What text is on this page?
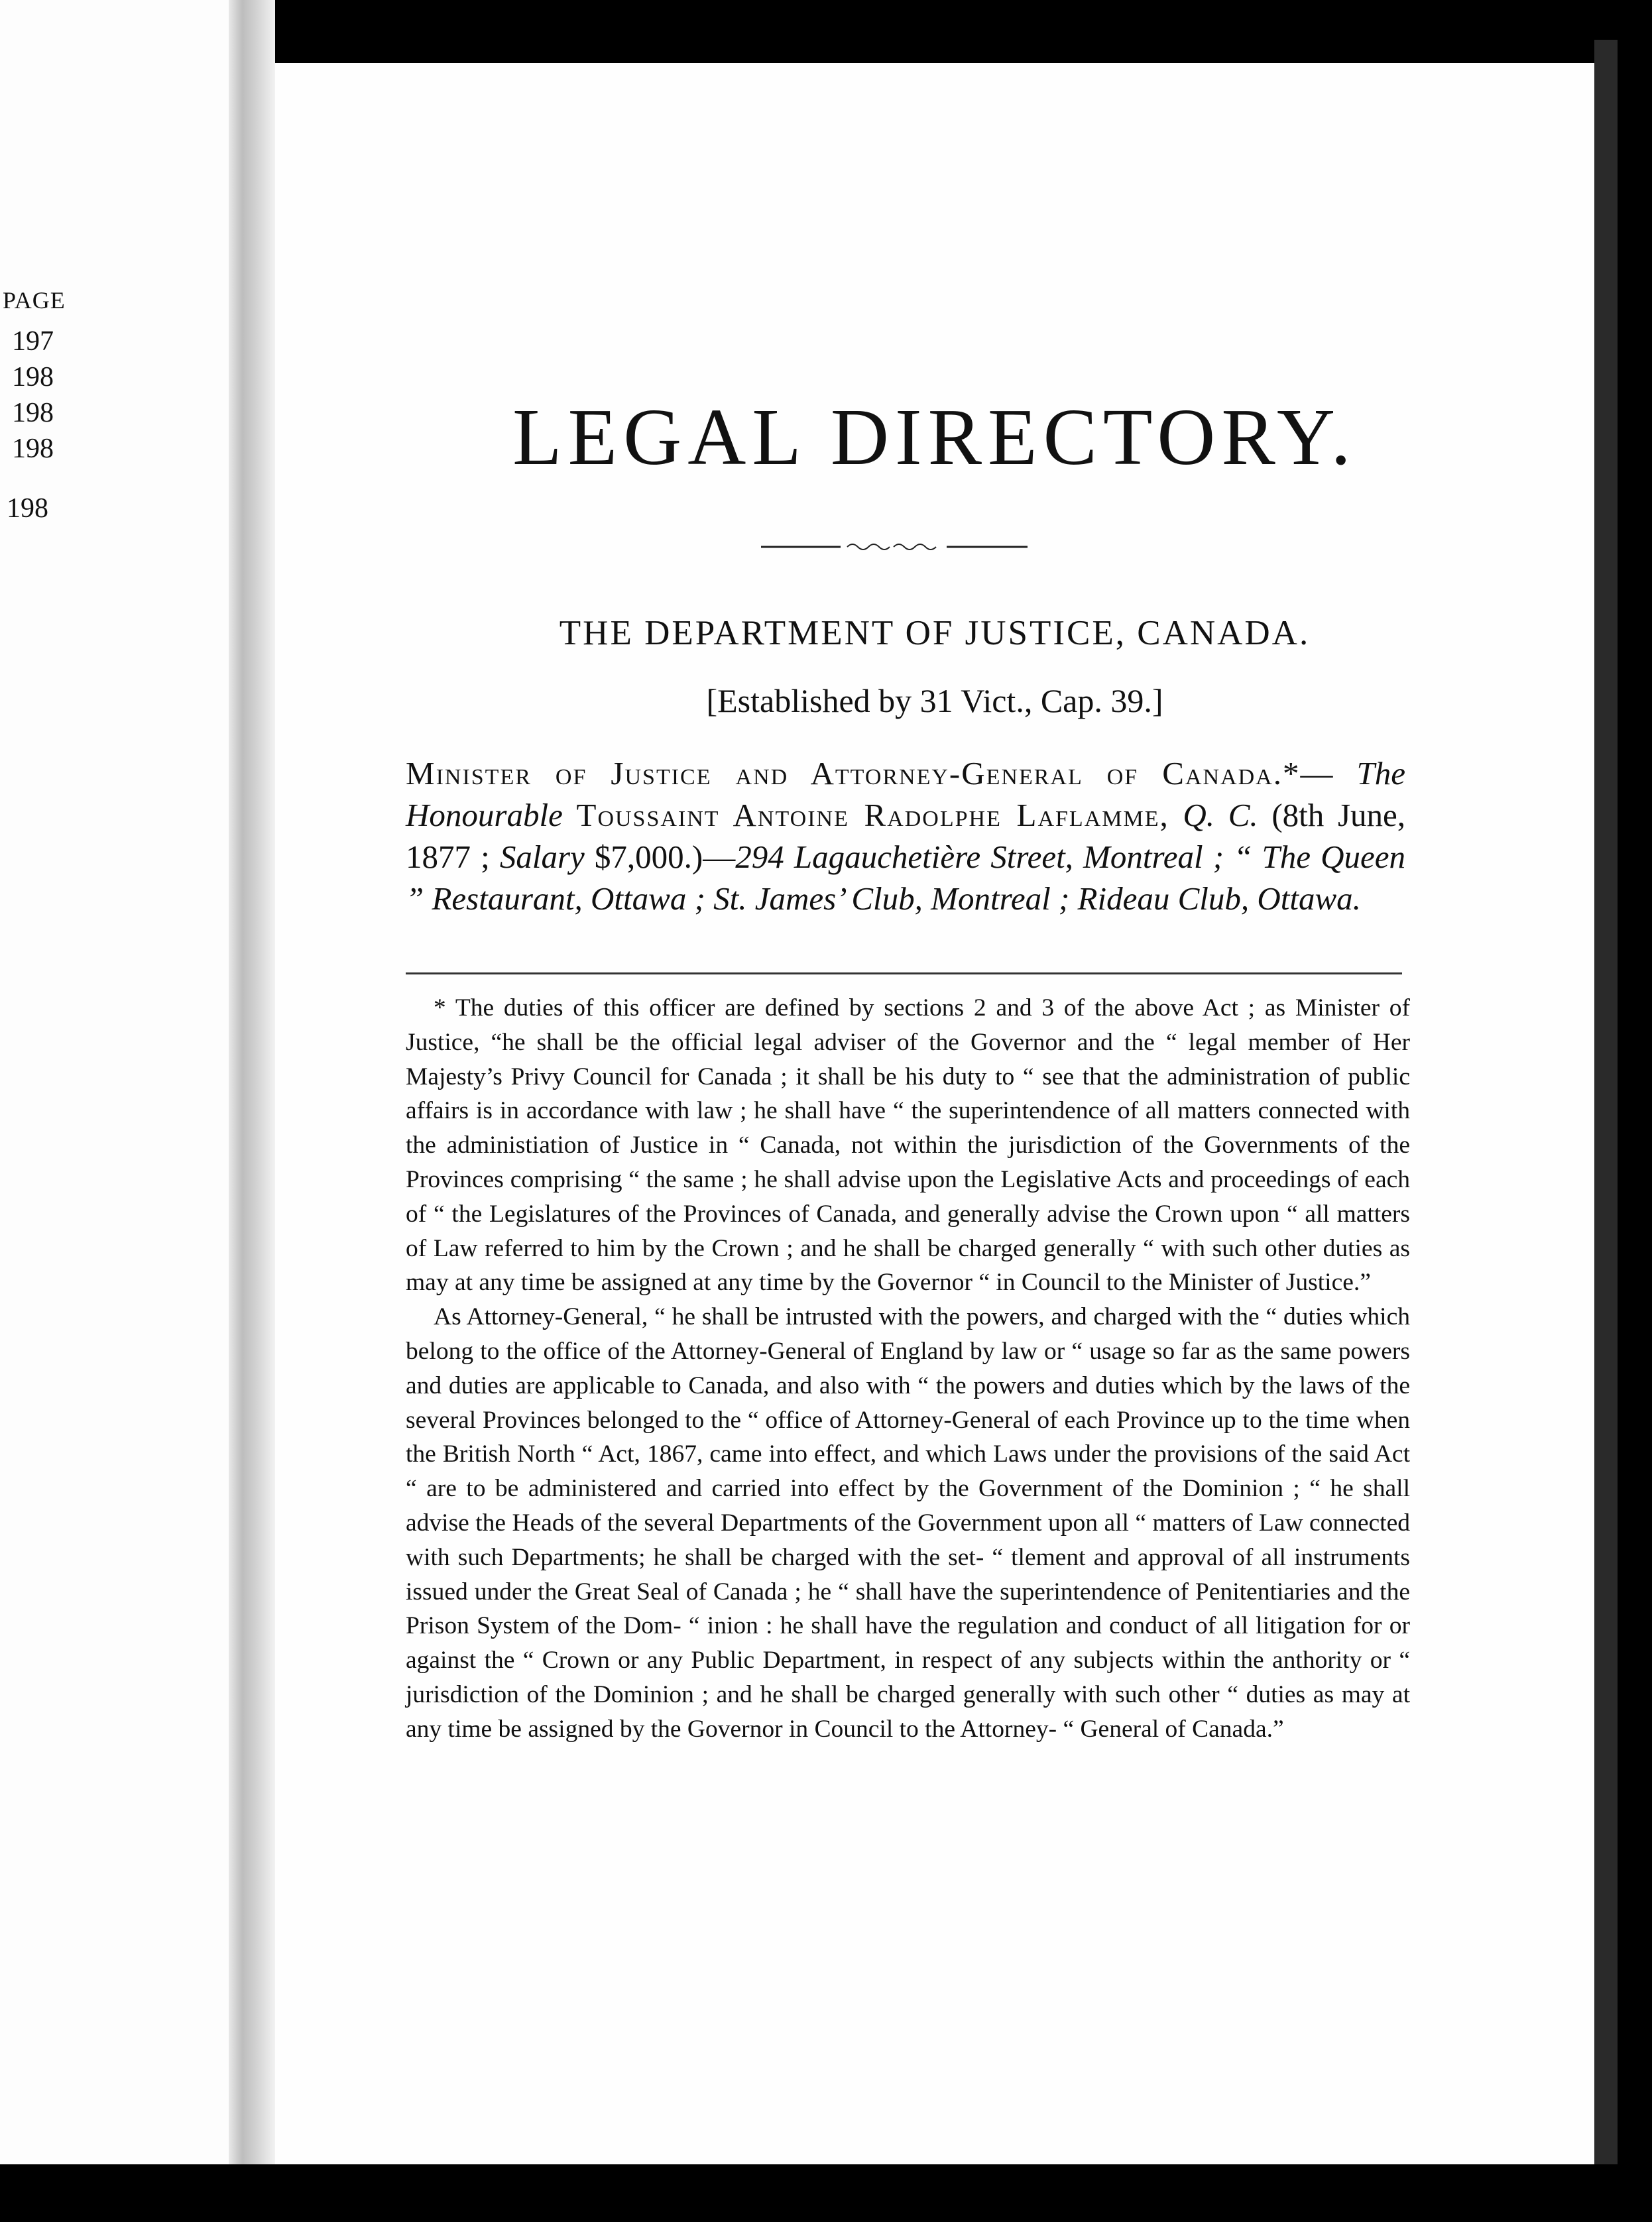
PAGE
197
198
198
198
198
LEGAL DIRECTORY.
THE DEPARTMENT OF JUSTICE, CANADA.

[Established by 31 Vict., Cap. 39.]

Minister of Justice and Attorney-General of Canada.*— The Honourable Toussaint Antoine Radolphe Laflamme, Q. C. (8th June, 1877 ; Salary $7,000.)—294 Lagauchetière Street, Montreal ; “ The Queen ” Restaurant, Ottawa ; St. James’ Club, Montreal ; Rideau Club, Ottawa.

* The duties of this officer are defined by sections 2 and 3 of the above Act ; as Minister of Justice, “he shall be the official legal adviser of the Governor and the “ legal member of Her Majesty’s Privy Council for Canada ; it shall be his duty to “ see that the administration of public affairs is in accordance with law ; he shall have “ the superintendence of all matters connected with the administiation of Justice in “ Canada, not within the jurisdiction of the Governments of the Provinces comprising “ the same ; he shall advise upon the Legislative Acts and proceedings of each of “ the Legislatures of the Provinces of Canada, and generally advise the Crown upon “ all matters of Law referred to him by the Crown ; and he shall be charged generally “ with such other duties as may at any time be assigned at any time by the Governor “ in Council to the Minister of Justice.”

As Attorney-General, “ he shall be intrusted with the powers, and charged with the “ duties which belong to the office of the Attorney-General of England by law or “ usage so far as the same powers and duties are applicable to Canada, and also with “ the powers and duties which by the laws of the several Provinces belonged to the “ office of Attorney-General of each Province up to the time when the British North “ Act, 1867, came into effect, and which Laws under the provisions of the said Act “ are to be administered and carried into effect by the Government of the Dominion ; “ he shall advise the Heads of the several Departments of the Government upon all “ matters of Law connected with such Departments; he shall be charged with the set- “ tlement and approval of all instruments issued under the Great Seal of Canada ; he “ shall have the superintendence of Penitentiaries and the Prison System of the Dom- “ inion : he shall have the regulation and conduct of all litigation for or against the “ Crown or any Public Department, in respect of any subjects within the anthority or “ jurisdiction of the Dominion ; and he shall be charged generally with such other “ duties as may at any time be assigned by the Governor in Council to the Attorney- “ General of Canada.”
